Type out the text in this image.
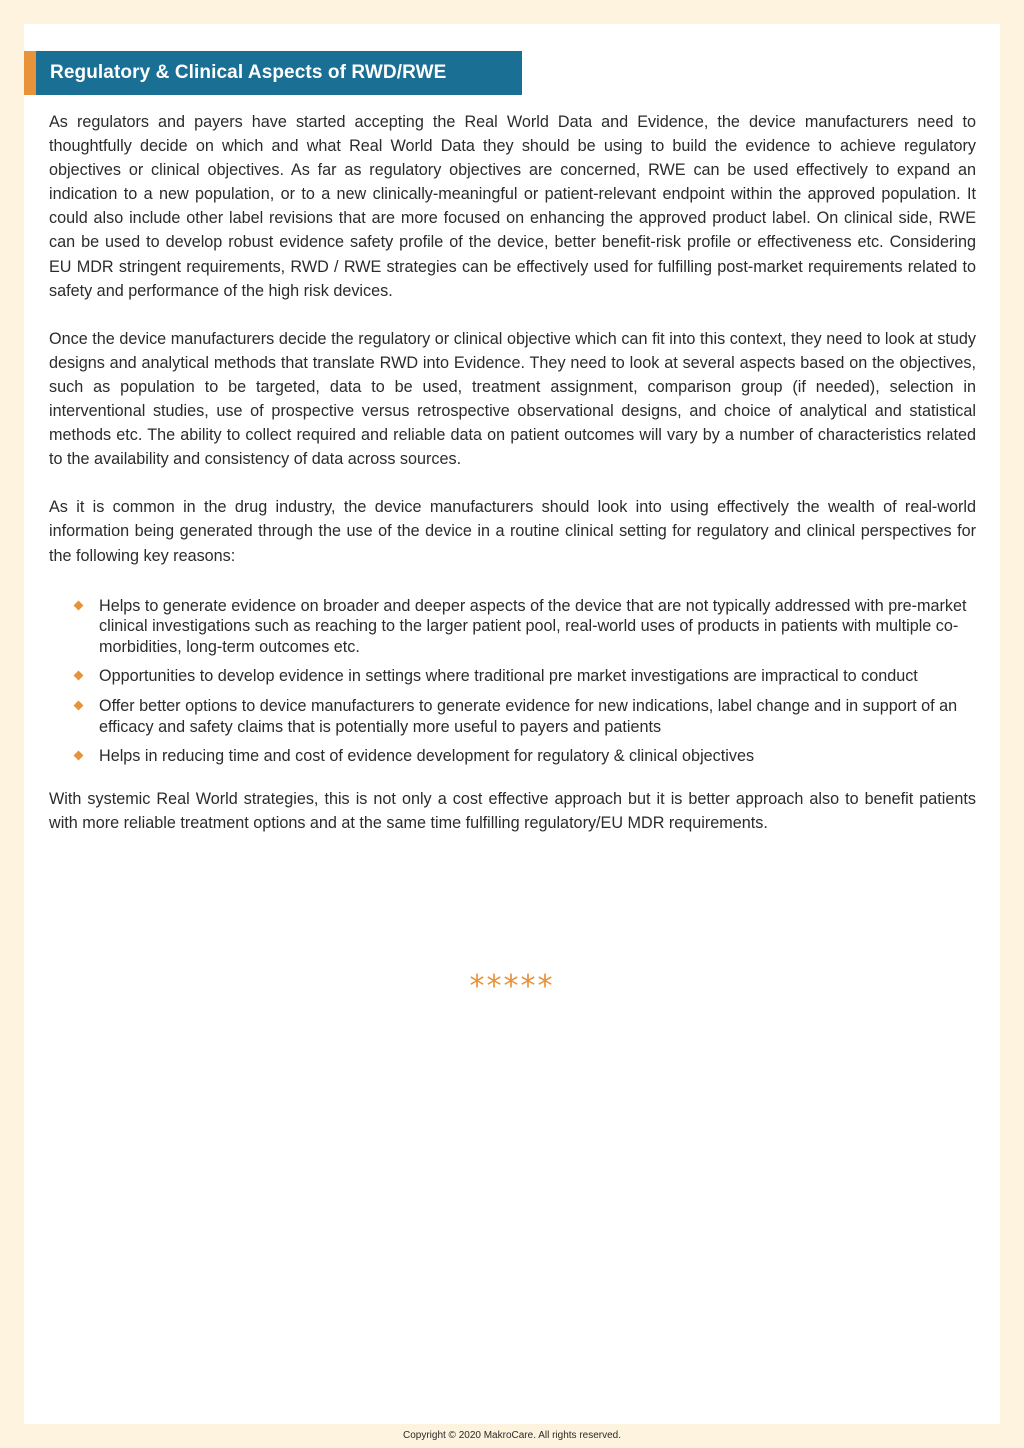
Regulatory & Clinical Aspects of RWD/RWE

As regulators and payers have started accepting the Real World Data and Evidence, the device manufacturers need to thoughtfully decide on which and what Real World Data they should be using to build the evidence to achieve regulatory objectives or clinical objectives. As far as regulatory objectives are concerned, RWE can be used effectively to expand an indication to a new population, or to a new clinically-meaningful or patient-relevant endpoint within the approved population. It could also include other label revisions that are more focused on enhancing the approved product label. On clinical side, RWE can be used to develop robust evidence safety profile of the device, better benefit-risk profile or effectiveness etc. Considering EU MDR stringent requirements, RWD / RWE strategies can be effectively used for fulfilling post-market requirements related to safety and performance of the high risk devices.

Once the device manufacturers decide the regulatory or clinical objective which can fit into this context, they need to look at study designs and analytical methods that translate RWD into Evidence. They need to look at several aspects based on the objectives, such as population to be targeted, data to be used, treatment assignment, comparison group (if needed), selection in interventional studies, use of prospective versus retrospective observational designs, and choice of analytical and statistical methods etc. The ability to collect required and reliable data on patient outcomes will vary by a number of characteristics related to the availability and consistency of data across sources.

As it is common in the drug industry, the device manufacturers should look into using effectively the wealth of real-world information being generated through the use of the device in a routine clinical setting for regulatory and clinical perspectives for the following key reasons:

Helps to generate evidence on broader and deeper aspects of the device that are not typically addressed with pre-market clinical investigations such as reaching to the larger patient pool, real-world uses of products in patients with multiple co-morbidities, long-term outcomes etc.
Opportunities to develop evidence in settings where traditional pre market investigations are impractical to conduct
Offer better options to device manufacturers to generate evidence for new indications, label change and in support of an efficacy and safety claims that is potentially more useful to payers and patients
Helps in reducing time and cost of evidence development for regulatory & clinical objectives

With systemic Real World strategies, this is not only a cost effective approach but it is better approach also to benefit patients with more reliable treatment options and at the same time fulfilling regulatory/EU MDR requirements.

*****
Copyright © 2020 MakroCare. All rights reserved.
